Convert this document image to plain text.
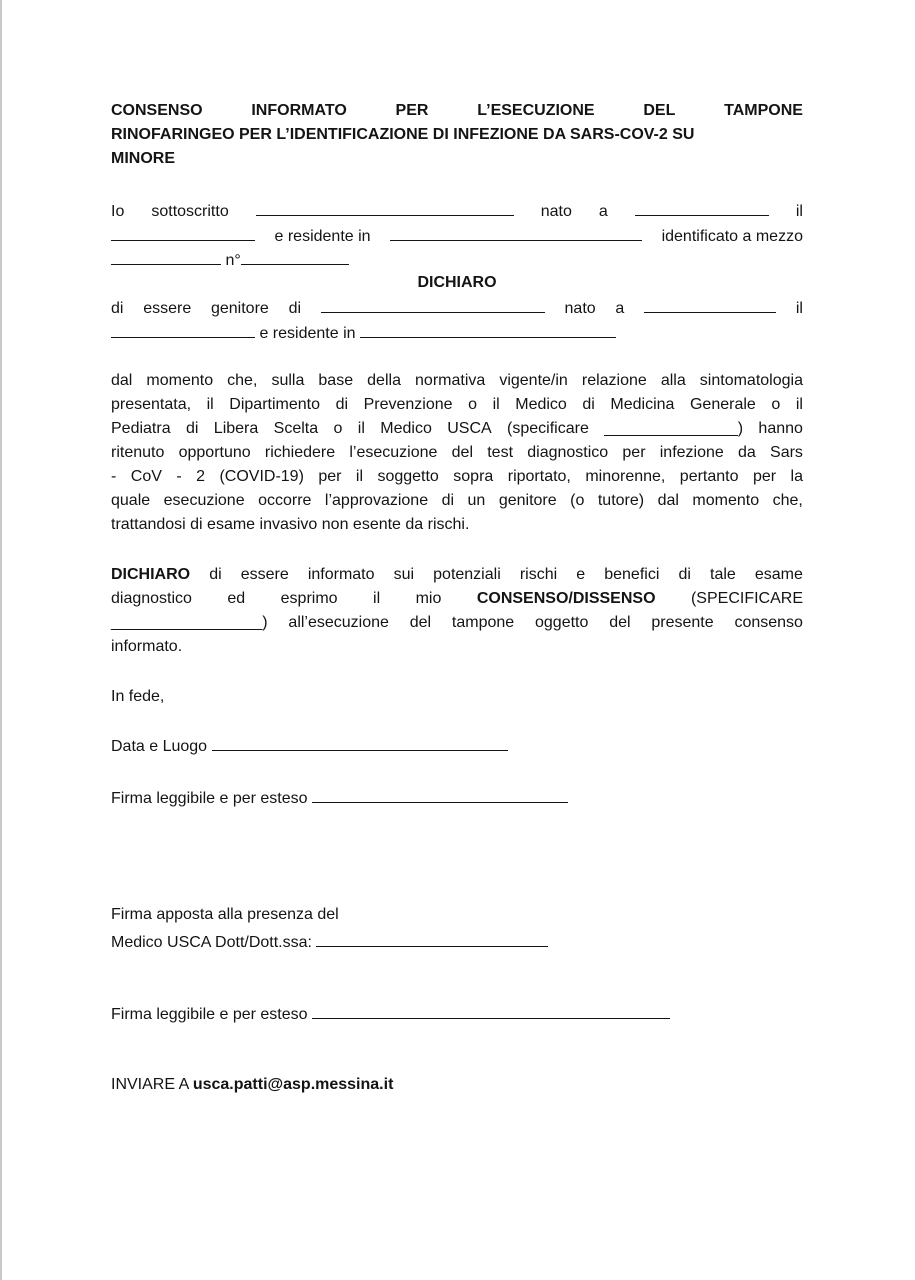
CONSENSO	INFORMATO	PER	L’ESECUZIONE	DEL	TAMPONE
RINOFARINGEO PER L’IDENTIFICAZIONE DI INFEZIONE DA SARS-COV-2 SU
MINORE
Io sottoscritto	nato a	il
e residente in	identificato a mezzo
n°
DICHIARO
di essere genitore di	nato a	il
e residente in
dal momento che, sulla base della normativa vigente/in relazione alla sintomatologia
presentata, il Dipartimento di Prevenzione o il Medico di Medicina Generale o il
Pediatra di Libera Scelta o il Medico USCA (specificare _______________) hanno
ritenuto opportuno richiedere l’esecuzione del test diagnostico per infezione da Sars
- CoV - 2 (COVID-19) per il soggetto sopra riportato, minorenne, pertanto per la
quale esecuzione occorre l’approvazione di un genitore (o tutore) dal momento che,
trattandosi di esame invasivo non esente da rischi.
DICHIARO di essere informato sui potenziali rischi e benefici di tale esame
diagnostico ed esprimo il mio CONSENSO/DISSENSO (SPECIFICARE
_________________) all’esecuzione del tampone oggetto del presente consenso
informato.
In fede,
Data e Luogo
Firma leggibile e per esteso
Firma apposta alla presenza del
Medico USCA Dott/Dott.ssa:
Firma leggibile e per esteso
INVIARE A usca.patti@asp.messina.it
